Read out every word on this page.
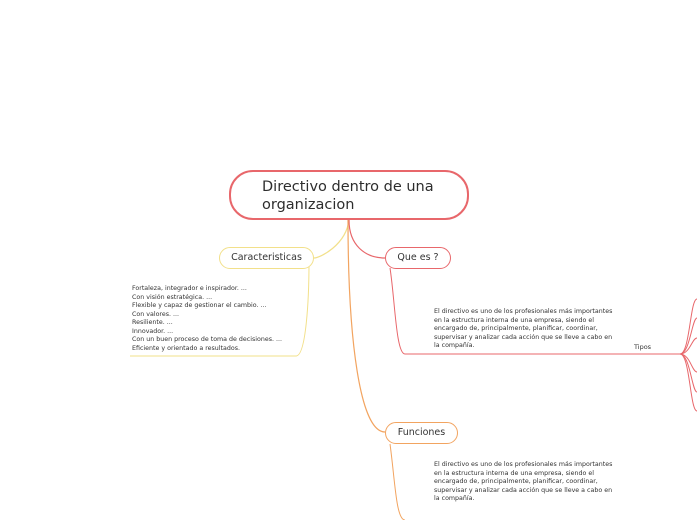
Directivo dentro de una organizacion
Caracteristicas	Que es ?
Funciones
Fortaleza, integrador e inspirador. ...
Con visión estratégica. ...
Flexible y capaz de gestionar el cambio. ...
Con valores. ...
Resiliente. ...
Innovador. ...
Con un buen proceso de toma de decisiones. ...
Eficiente y orientado a resultados.
El directivo es uno de los profesionales más importantes en la estructura interna de una empresa, siendo el encargado de, principalmente, planificar, coordinar, supervisar y analizar cada acción que se lleve a cabo en la compañía.	Tipos
El directivo es uno de los profesionales más importantes en la estructura interna de una empresa, siendo el encargado de, principalmente, planificar, coordinar, supervisar y analizar cada acción que se lleve a cabo en la compañía.
